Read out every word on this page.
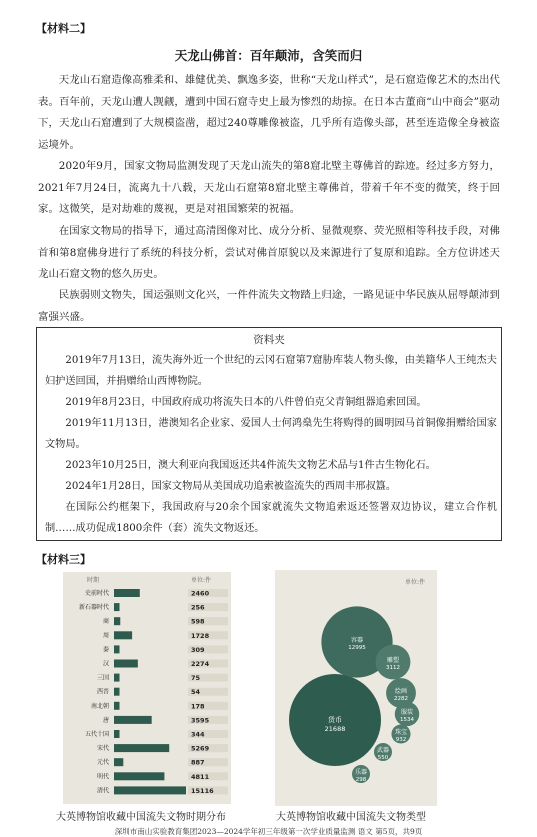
【材料二】
天龙山佛首：百年颠沛，含笑而归
天龙山石窟造像高雅柔和、雄健优美、飘逸多姿，世称“天龙山样式”，是石窟造像艺术的杰出代表。百年前，天龙山遭人觊觎，遭到中国石窟寺史上最为惨烈的劫掠。在日本古董商“山中商会”驱动下，天龙山石窟遭到了大规模盗凿，超过240尊雕像被盗，几乎所有造像头部，甚至连造像全身被盗运境外。
2020年9月，国家文物局监测发现了天龙山流失的第8窟北壁主尊佛首的踪迹。经过多方努力，2021年7月24日，流离九十八载，天龙山石窟第8窟北壁主尊佛首，带着千年不变的微笑，终于回家。这微笑，是对劫难的蔑视，更是对祖国繁荣的祝福。
在国家文物局的指导下，通过高清图像对比、成分分析、显微观察、荧光照相等科技手段，对佛首和第8窟佛身进行了系统的科技分析，尝试对佛首原貌以及来源进行了复原和追踪。全方位讲述天龙山石窟文物的悠久历史。
民族弱则文物失，国运强则文化兴，一件件流失文物踏上归途，一路见证中华民族从屈辱颠沛到富强兴盛。
资料夹
2019年7月13日，流失海外近一个世纪的云冈石窟第7窟胁库装人物头像，由美籍华人王纯杰夫妇护送回国，并捐赠给山西博物院。
2019年8月23日，中国政府成功将流失日本的八件曾伯克父青铜组器追索回国。
2019年11月13日，港澳知名企业家、爱国人士何鸿燊先生将购得的圆明园马首铜像捐赠给国家文物局。
2023年10月25日，澳大利亚向我国返还共4件流失文物艺术品与1件古生物化石。
2024年1月28日，国家文物局从美国成功追索被盗流失的西周丰邢叔簋。
在国际公约框架下，我国政府与20余个国家就流失文物追索返还签署双边协议，建立合作机制……成功促成1800余件（套）流失文物返还。
【材料三】
时期	单位:件
史前时代	2460
新石器时代	256
商	598
周	1728
秦	309
汉	2274
三国	75
西晋	54
南北朝	178
唐	3595
五代十国	344
宋代	5269
元代	887
明代	4811
清代	15116
单位:件
货币
21688
容器
12995
雕塑
3112
绘画
2282
服装
1534
珠宝
932
武器
550
乐器
298
大英博物馆收藏中国流失文物时期分布	大英博物馆收藏中国流失文物类型
深圳市南山实验教育集团2023—2024学年初三年级第一次学业质量监测 语文 第5页，共9页
